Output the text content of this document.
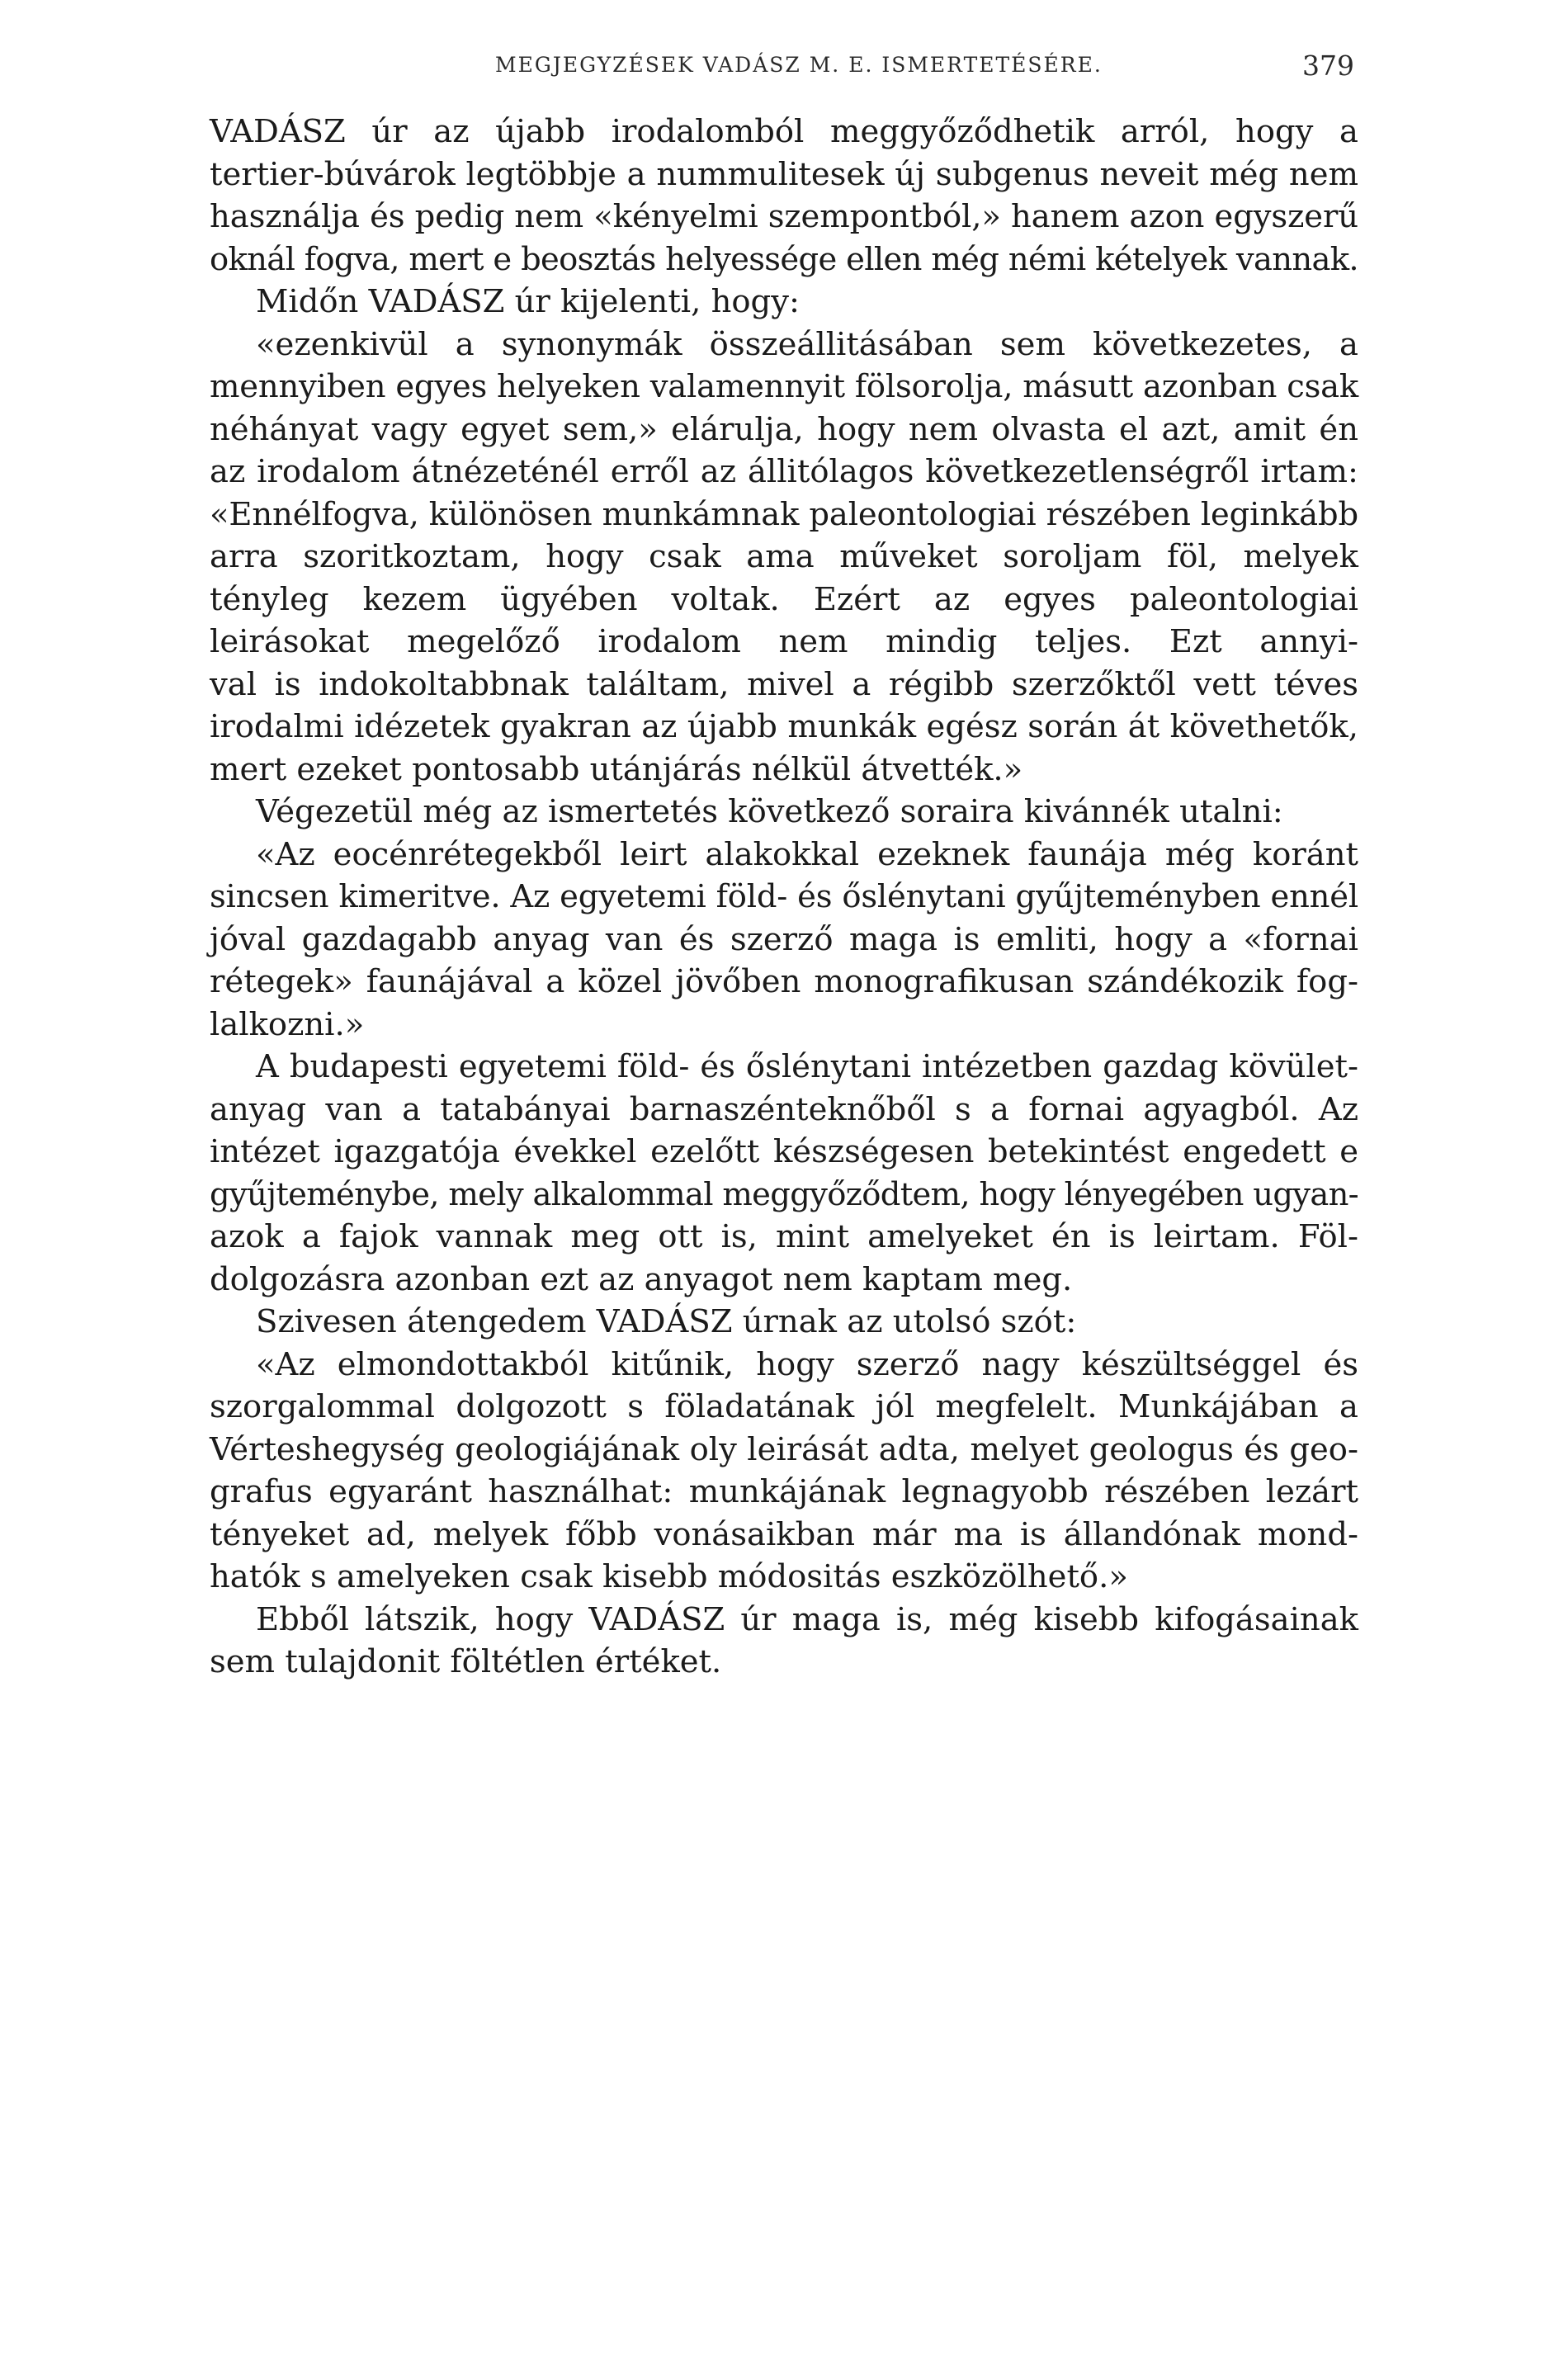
MEGJEGYZÉSEK VADÁSZ M. E. ISMERTETÉSÉRE.	379
VADÁSZ úr az újabb irodalomból meggyőződhetik arról, hogy a
tertier-búvárok legtöbbje a nummulitesek új subgenus neveit még nem
használja és pedig nem «kényelmi szempontból,» hanem azon egyszerű
oknál fogva, mert e beosztás helyessége ellen még némi kételyek vannak.
Midőn VADÁSZ úr kijelenti, hogy:
«ezenkivül a synonymák összeállitásában sem következetes, a
mennyiben egyes helyeken valamennyit fölsorolja, másutt azonban csak
néhányat vagy egyet sem,» elárulja, hogy nem olvasta el azt, amit én
az irodalom átnézeténél erről az állitólagos következetlenségről irtam:
«Ennélfogva, különösen munkámnak paleontologiai részében leginkább
arra szoritkoztam, hogy csak ama műveket soroljam föl, melyek
tényleg kezem ügyében voltak. Ezért az egyes paleontologiai
leirásokat megelőző irodalom nem mindig teljes. Ezt annyi-
val is indokoltabbnak találtam, mivel a régibb szerzőktől vett téves
irodalmi idézetek gyakran az újabb munkák egész során át követhetők,
mert ezeket pontosabb utánjárás nélkül átvették.»
Végezetül még az ismertetés következő soraira kivánnék utalni:
«Az eocénrétegekből leirt alakokkal ezeknek faunája még koránt
sincsen kimeritve. Az egyetemi föld- és őslénytani gyűjteményben ennél
jóval gazdagabb anyag van és szerző maga is emliti, hogy a «fornai
rétegek» faunájával a közel jövőben monografikusan szándékozik fog-
lalkozni.»
A budapesti egyetemi föld- és őslénytani intézetben gazdag kövület-
anyag van a tatabányai barnaszénteknőből s a fornai agyagból. Az
intézet igazgatója évekkel ezelőtt készségesen betekintést engedett e
gyűjteménybe, mely alkalommal meggyőződtem, hogy lényegében ugyan-
azok a fajok vannak meg ott is, mint amelyeket én is leirtam. Föl-
dolgozásra azonban ezt az anyagot nem kaptam meg.
Szivesen átengedem VADÁSZ úrnak az utolsó szót:
«Az elmondottakból kitűnik, hogy szerző nagy készültséggel és
szorgalommal dolgozott s föladatának jól megfelelt. Munkájában a
Vérteshegység geologiájának oly leirását adta, melyet geologus és geo-
grafus egyaránt használhat: munkájának legnagyobb részében lezárt
tényeket ad, melyek főbb vonásaikban már ma is állandónak mond-
hatók s amelyeken csak kisebb módositás eszközölhető.»
Ebből látszik, hogy VADÁSZ úr maga is, még kisebb kifogásainak
sem tulajdonit föltétlen értéket.
